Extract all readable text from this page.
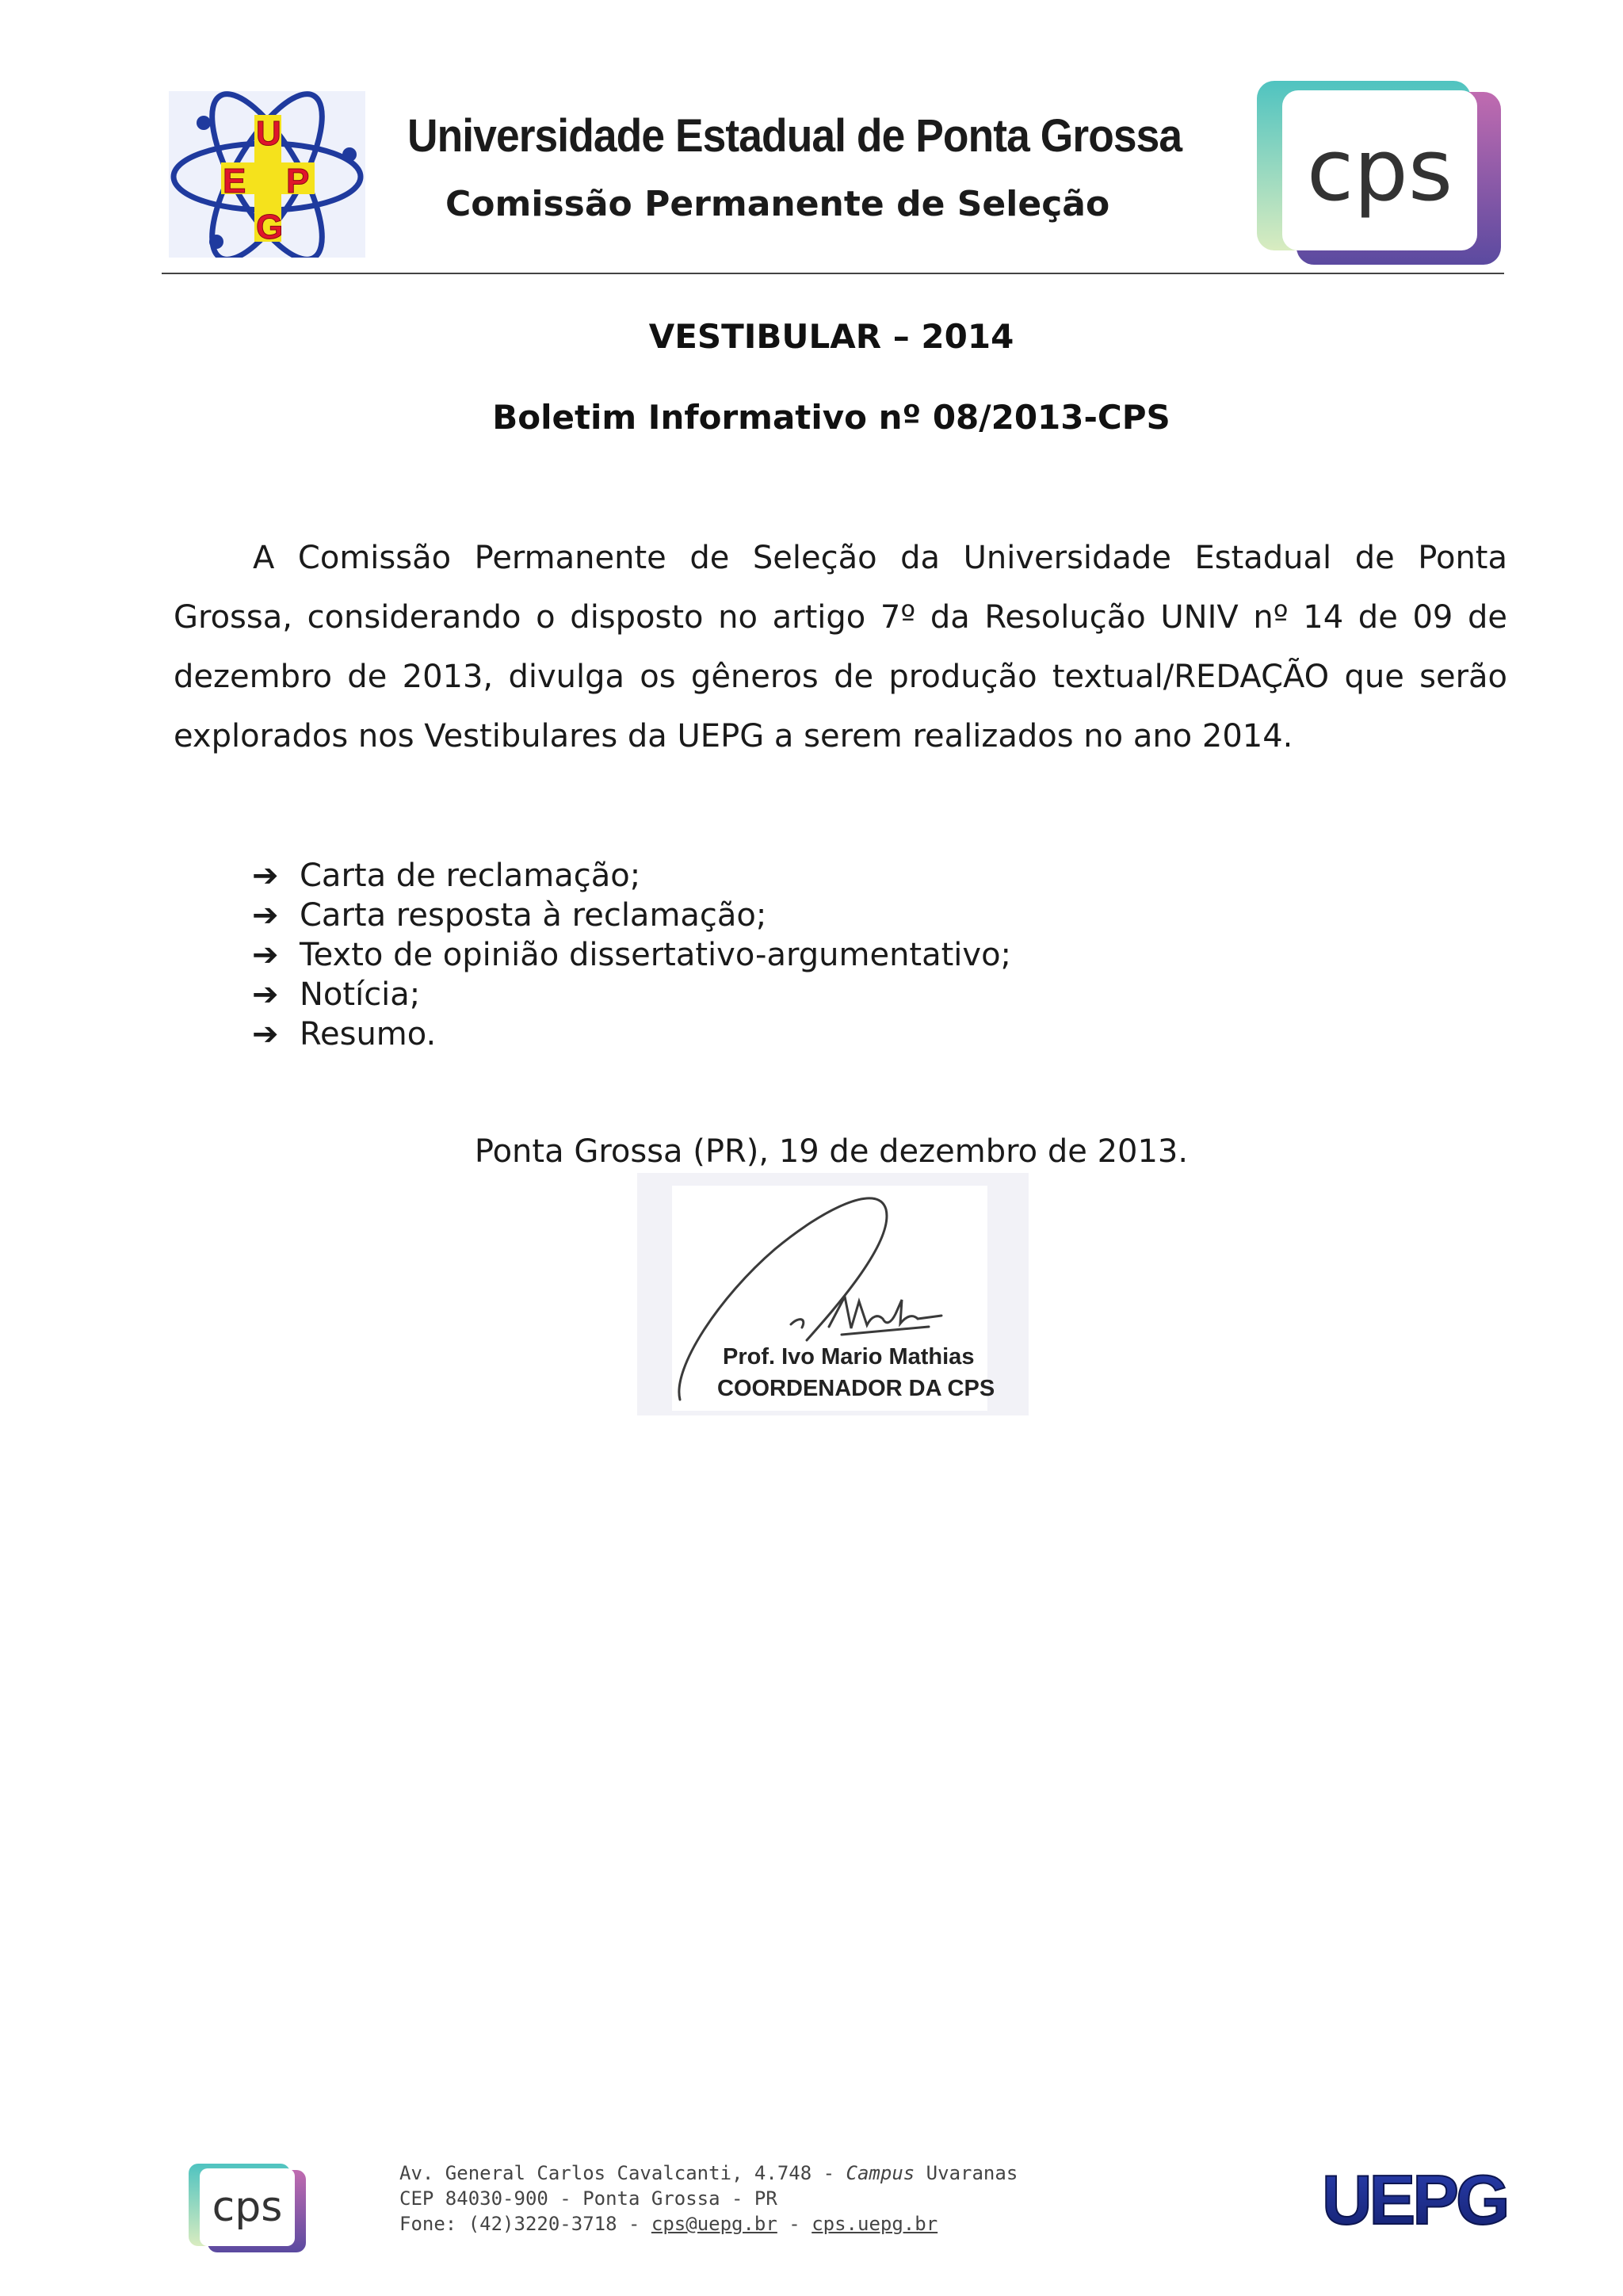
U
E P
G
Universidade Estadual de Ponta Grossa
Comissão Permanente de Seleção cps
VESTIBULAR – 2014
Boletim Informativo nº 08/2013-CPS
A Comissão Permanente de Seleção da Universidade Estadual de Ponta Grossa, considerando o disposto no artigo 7º da Resolução UNIV nº 14 de 09 de dezembro de 2013, divulga os gêneros de produção textual/REDAÇÃO que serão explorados nos Vestibulares da UEPG a serem realizados no ano 2014.
➔ Carta de reclamação;
➔ Carta resposta à reclamação;
➔ Texto de opinião dissertativo-argumentativo;
➔ Notícia;
➔ Resumo.
Ponta Grossa (PR), 19 de dezembro de 2013.
Prof. Ivo Mario Mathias
COORDENADOR DA CPS
cps
Av. General Carlos Cavalcanti, 4.748 - Campus Uvaranas
CEP 84030-900 - Ponta Grossa - PR
Fone: (42)3220-3718 - cps@uepg.br - cps.uepg.br	UEPG
